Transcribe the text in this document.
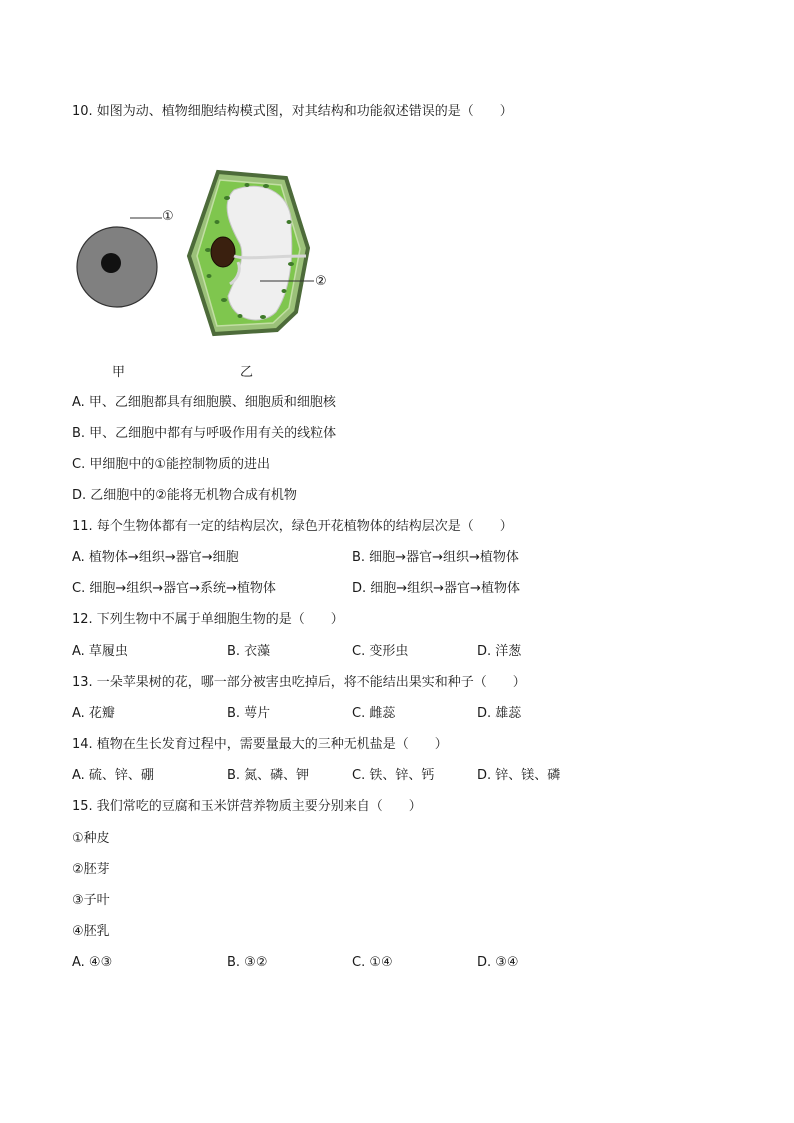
10. 如图为动、植物细胞结构模式图，对其结构和功能叙述错误的是（　　）
①
②
甲	乙
A. 甲、乙细胞都具有细胞膜、细胞质和细胞核
B. 甲、乙细胞中都有与呼吸作用有关的线粒体
C. 甲细胞中的①能控制物质的进出
D. 乙细胞中的②能将无机物合成有机物
11. 每个生物体都有一定的结构层次，绿色开花植物体的结构层次是（　　）
A. 植物体→组织→器官→细胞	B. 细胞→器官→组织→植物体
C. 细胞→组织→器官→系统→植物体	D. 细胞→组织→器官→植物体
12. 下列生物中不属于单细胞生物的是（　　）
A. 草履虫	B. 衣藻	C. 变形虫	D. 洋葱
13. 一朵苹果树的花，哪一部分被害虫吃掉后，将不能结出果实和种子（　　）
A. 花瓣	B. 萼片	C. 雌蕊	D. 雄蕊
14. 植物在生长发育过程中，需要量最大的三种无机盐是（　　）
A. 硫、锌、硼	B. 氮、磷、钾	C. 铁、锌、钙	D. 锌、镁、磷
15. 我们常吃的豆腐和玉米饼营养物质主要分别来自（　　）
①种皮
②胚芽
③子叶
④胚乳
A. ④③	B. ③②	C. ①④	D. ③④
